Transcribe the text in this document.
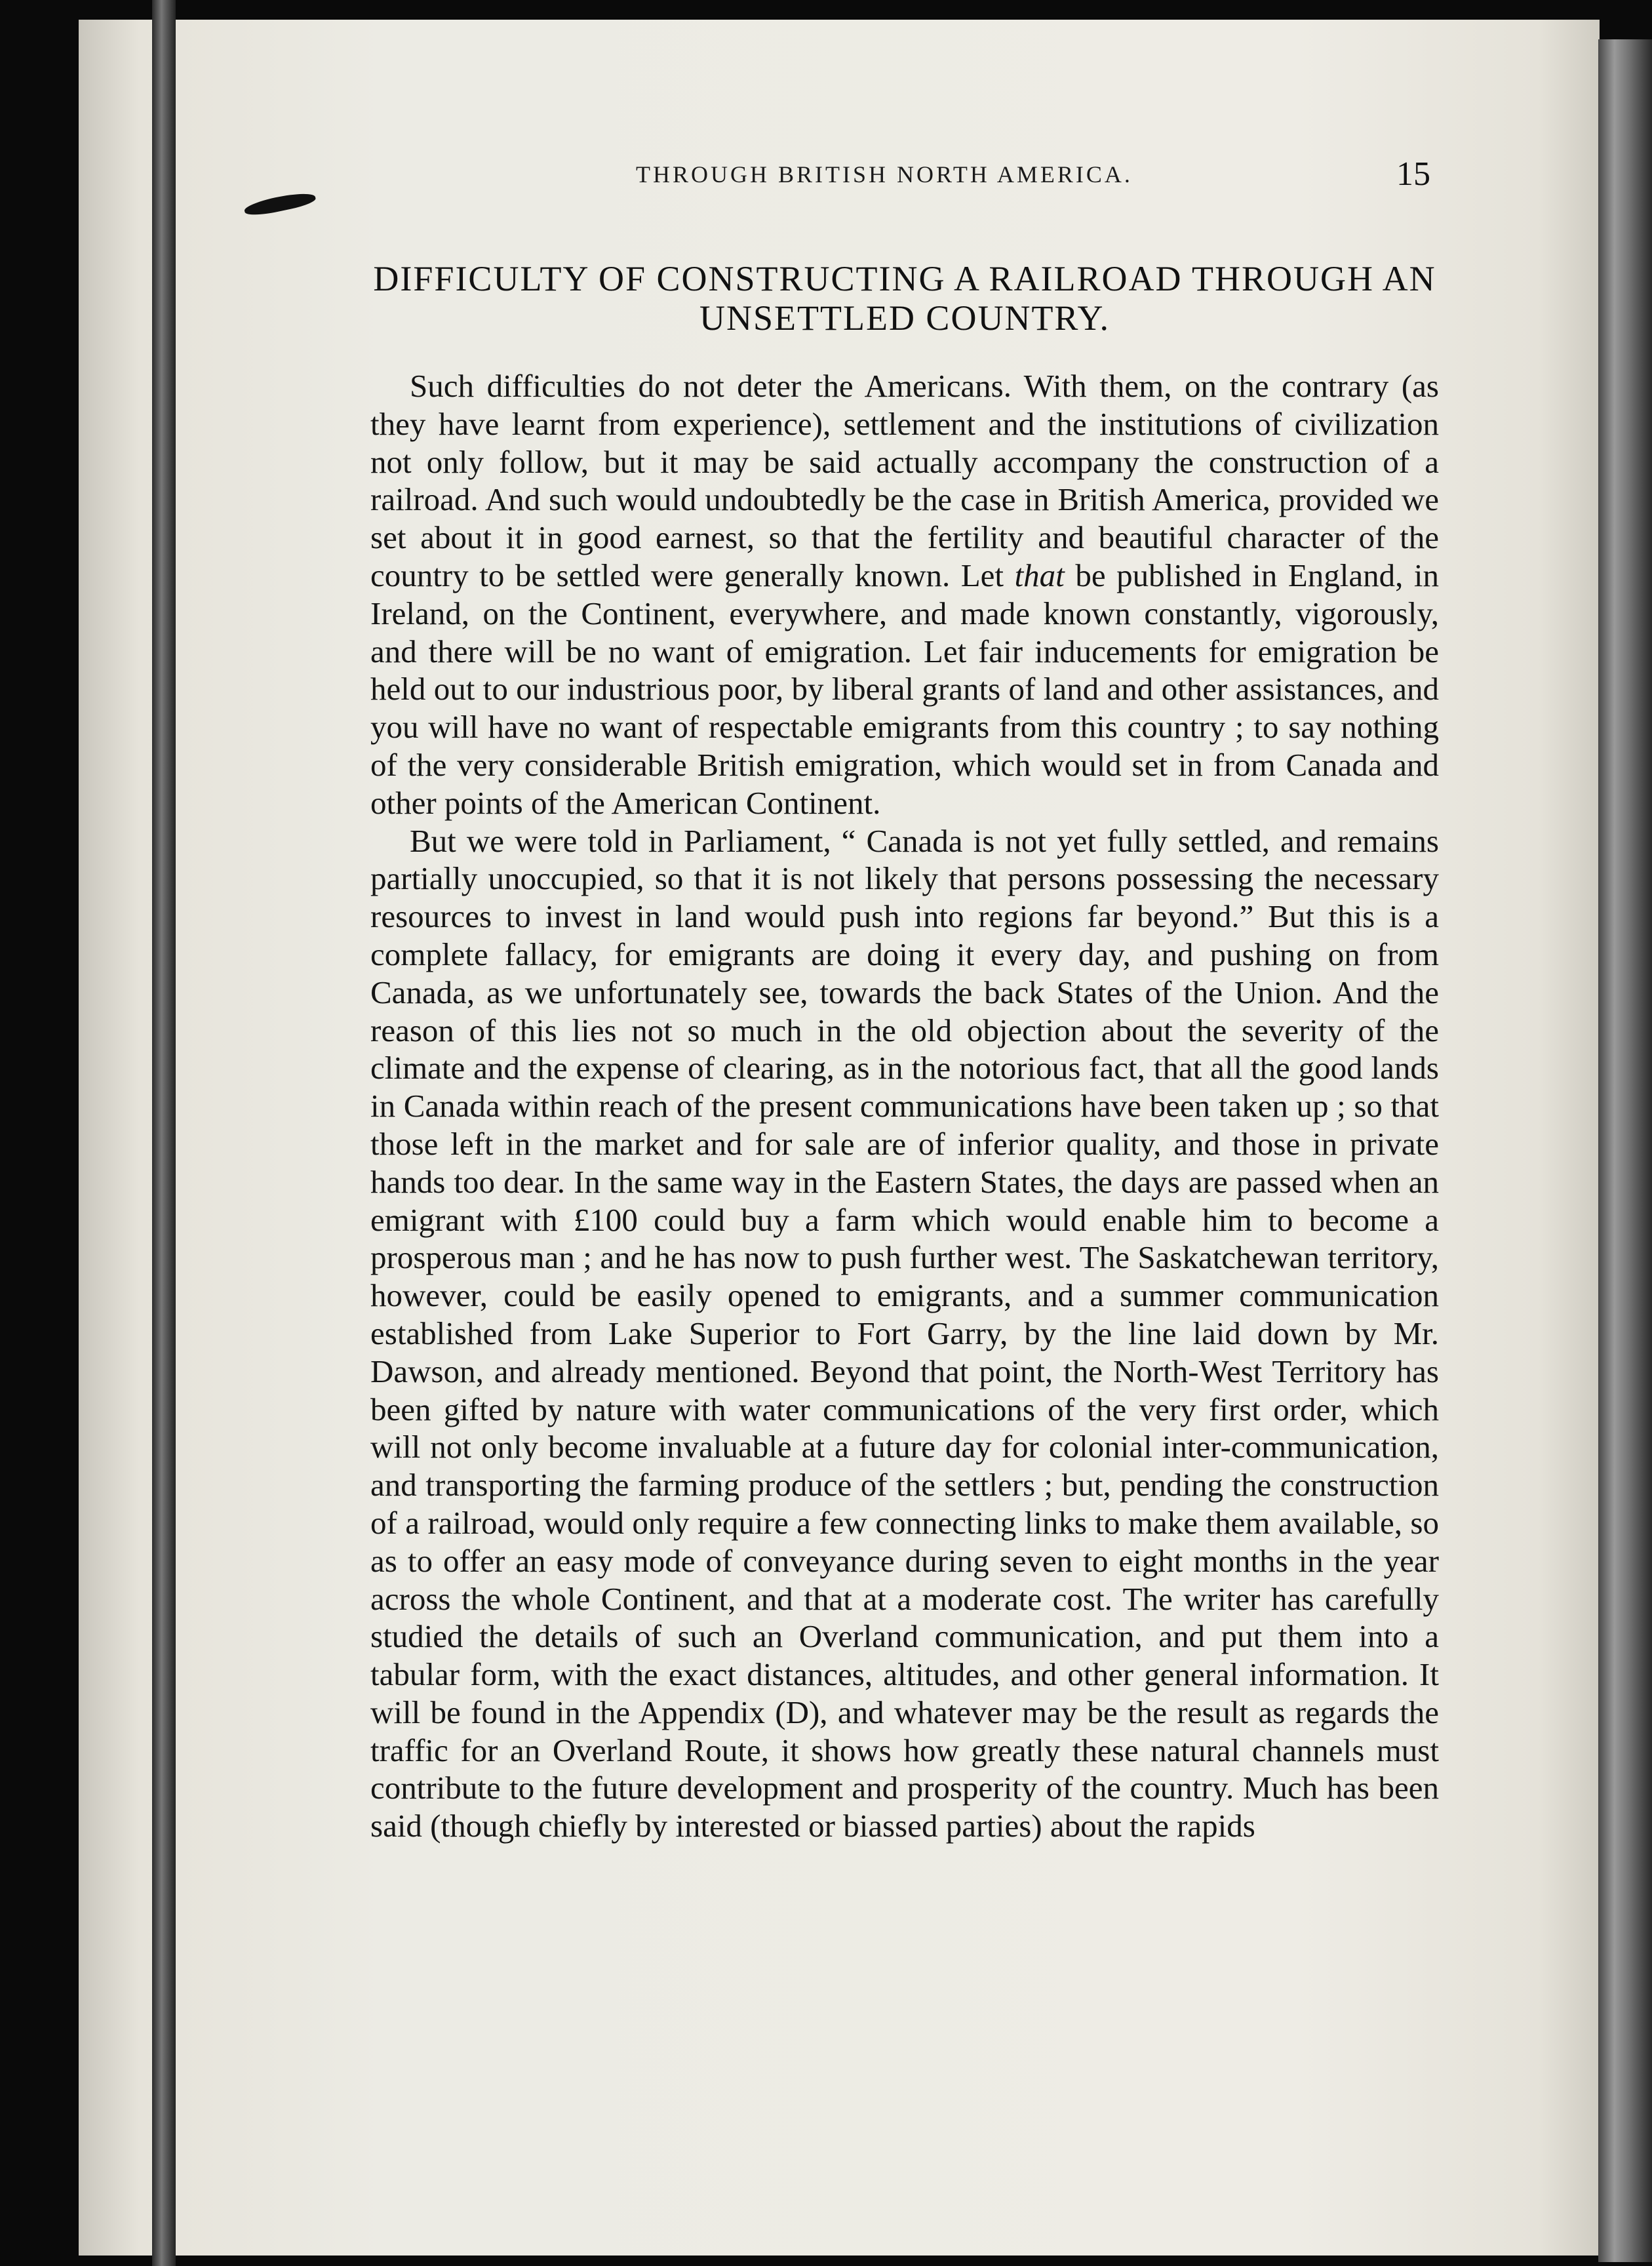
THROUGH BRITISH NORTH AMERICA.	15
DIFFICULTY OF CONSTRUCTING A RAILROAD THROUGH AN UNSETTLED COUNTRY.

Such difficulties do not deter the Americans. With them, on the contrary (as they have learnt from experience), settlement and the institutions of civilization not only follow, but it may be said actually accompany the construction of a railroad. And such would undoubtedly be the case in British America, provided we set about it in good earnest, so that the fertility and beautiful character of the country to be settled were generally known. Let that be published in England, in Ireland, on the Continent, everywhere, and made known constantly, vigorously, and there will be no want of emigration. Let fair inducements for emigration be held out to our industrious poor, by liberal grants of land and other assistances, and you will have no want of respectable emigrants from this country ; to say nothing of the very considerable British emigration, which would set in from Canada and other points of the American Continent.

But we were told in Parliament, “ Canada is not yet fully settled, and remains partially unoccupied, so that it is not likely that persons possessing the necessary resources to invest in land would push into regions far beyond.” But this is a complete fallacy, for emigrants are doing it every day, and pushing on from Canada, as we unfortunately see, towards the back States of the Union. And the reason of this lies not so much in the old objection about the severity of the climate and the expense of clearing, as in the notorious fact, that all the good lands in Canada within reach of the present communications have been taken up ; so that those left in the market and for sale are of inferior quality, and those in private hands too dear. In the same way in the Eastern States, the days are passed when an emigrant with £100 could buy a farm which would enable him to become a prosperous man ; and he has now to push further west. The Saskatchewan territory, however, could be easily opened to emigrants, and a summer communication established from Lake Superior to Fort Garry, by the line laid down by Mr. Dawson, and already mentioned. Beyond that point, the North-West Territory has been gifted by nature with water communications of the very first order, which will not only become invaluable at a future day for colonial inter-communication, and transporting the farming produce of the settlers ; but, pending the construction of a railroad, would only require a few connecting links to make them available, so as to offer an easy mode of conveyance during seven to eight months in the year across the whole Continent, and that at a moderate cost. The writer has carefully studied the details of such an Overland communication, and put them into a tabular form, with the exact distances, altitudes, and other general information. It will be found in the Appendix (D), and whatever may be the result as regards the traffic for an Overland Route, it shows how greatly these natural channels must contribute to the future development and prosperity of the country. Much has been said (though chiefly by interested or biassed parties) about the rapids
